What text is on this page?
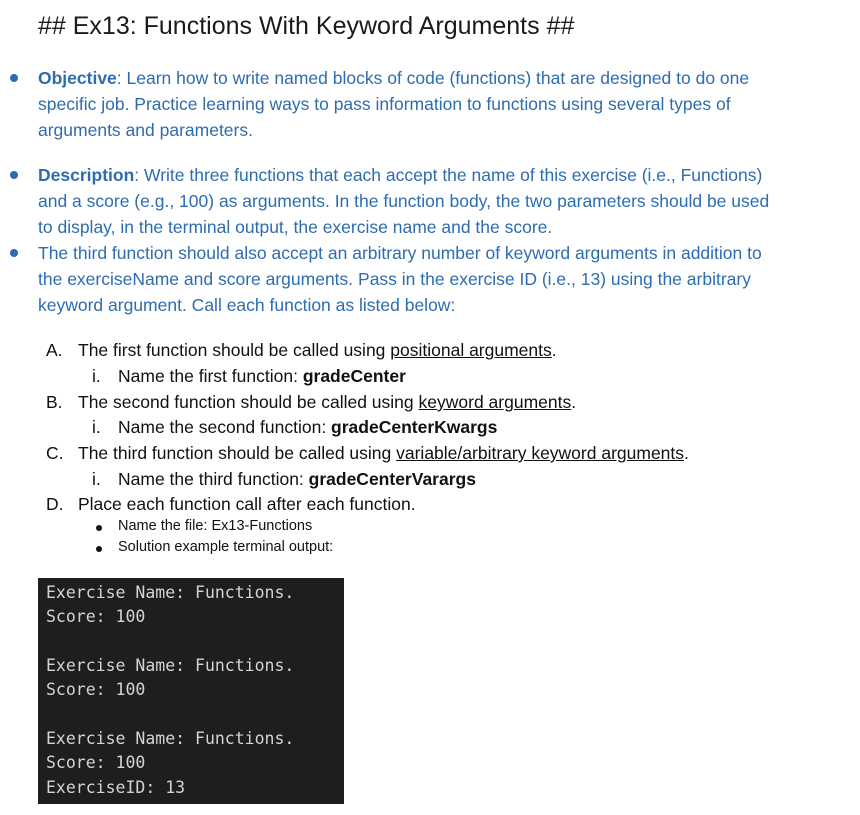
## Ex13: Functions With Keyword Arguments ##
Objective: Learn how to write named blocks of code (functions) that are designed to do one
specific job. Practice learning ways to pass information to functions using several types of
arguments and parameters.
Description: Write three functions that each accept the name of this exercise (i.e., Functions)
and a score (e.g., 100) as arguments. In the function body, the two parameters should be used
to display, in the terminal output, the exercise name and the score.
The third function should also accept an arbitrary number of keyword arguments in addition to
the exerciseName and score arguments. Pass in the exercise ID (i.e., 13) using the arbitrary
keyword argument. Call each function as listed below:
A. The first function should be called using positional arguments.
i. Name the first function: gradeCenter
B. The second function should be called using keyword arguments.
i. Name the second function: gradeCenterKwargs
C. The third function should be called using variable/arbitrary keyword arguments.
i. Name the third function: gradeCenterVarargs
D. Place each function call after each function.
Name the file: Ex13-Functions
Solution example terminal output:
Exercise Name: Functions.
Score: 100
Exercise Name: Functions.
Score: 100
Exercise Name: Functions.
Score: 100
ExerciseID: 13
